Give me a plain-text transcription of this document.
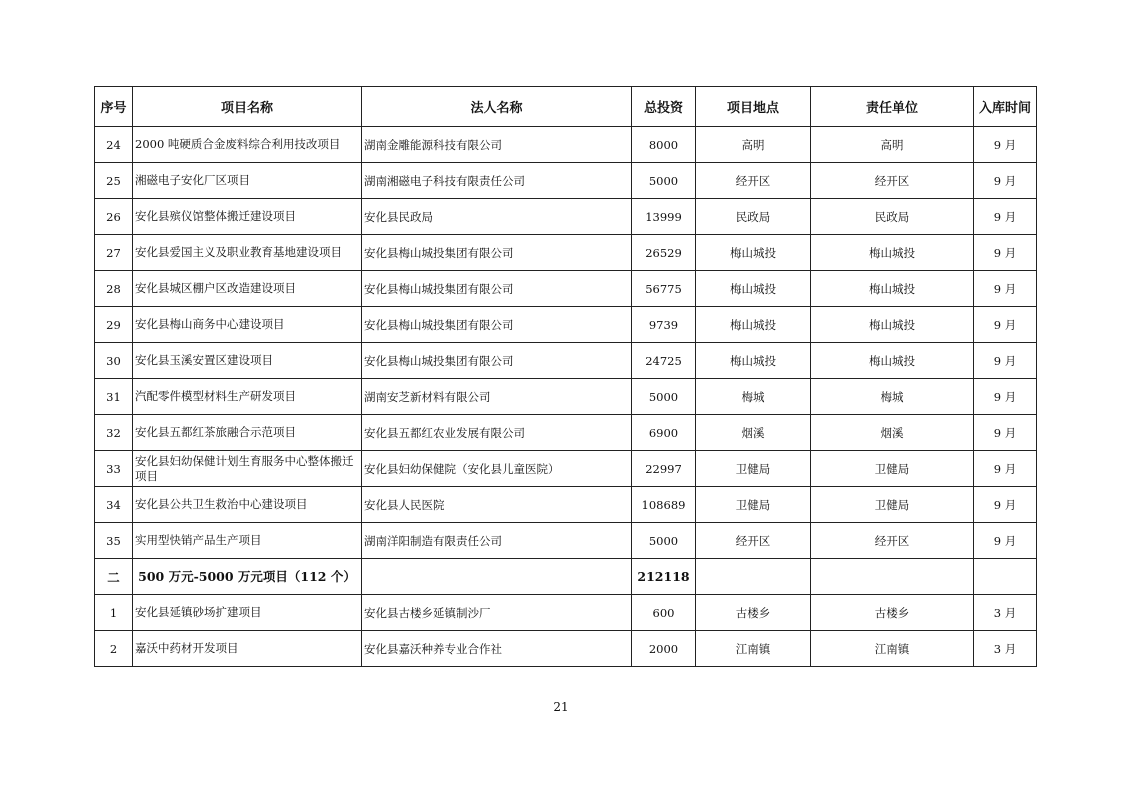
序号	项目名称	法人名称	总投资	项目地点	责任单位	入库时间
24	2000 吨硬质合金废料综合利用技改项目	湖南金雕能源科技有限公司	8000	高明	高明	9 月
25	湘磁电子安化厂区项目	湖南湘磁电子科技有限责任公司	5000	经开区	经开区	9 月
26	安化县殡仪馆整体搬迁建设项目	安化县民政局	13999	民政局	民政局	9 月
27	安化县爱国主义及职业教育基地建设项目	安化县梅山城投集团有限公司	26529	梅山城投	梅山城投	9 月
28	安化县城区棚户区改造建设项目	安化县梅山城投集团有限公司	56775	梅山城投	梅山城投	9 月
29	安化县梅山商务中心建设项目	安化县梅山城投集团有限公司	9739	梅山城投	梅山城投	9 月
30	安化县玉溪安置区建设项目	安化县梅山城投集团有限公司	24725	梅山城投	梅山城投	9 月
31	汽配零件模型材料生产研发项目	湖南安芝新材料有限公司	5000	梅城	梅城	9 月
32	安化县五都红茶旅融合示范项目	安化县五都红农业发展有限公司	6900	烟溪	烟溪	9 月
33	安化县妇幼保健计划生育服务中心整体搬迁项目	安化县妇幼保健院（安化县儿童医院）	22997	卫健局	卫健局	9 月
34	安化县公共卫生救治中心建设项目	安化县人民医院	108689	卫健局	卫健局	9 月
35	实用型快销产品生产项目	湖南洋阳制造有限责任公司	5000	经开区	经开区	9 月
二	500 万元-5000 万元项目（112 个）		212118			
1	安化县延镇砂场扩建项目	安化县古楼乡延镇制沙厂	600	古楼乡	古楼乡	3 月
2	嘉沃中药材开发项目	安化县嘉沃种养专业合作社	2000	江南镇	江南镇	3 月
21
